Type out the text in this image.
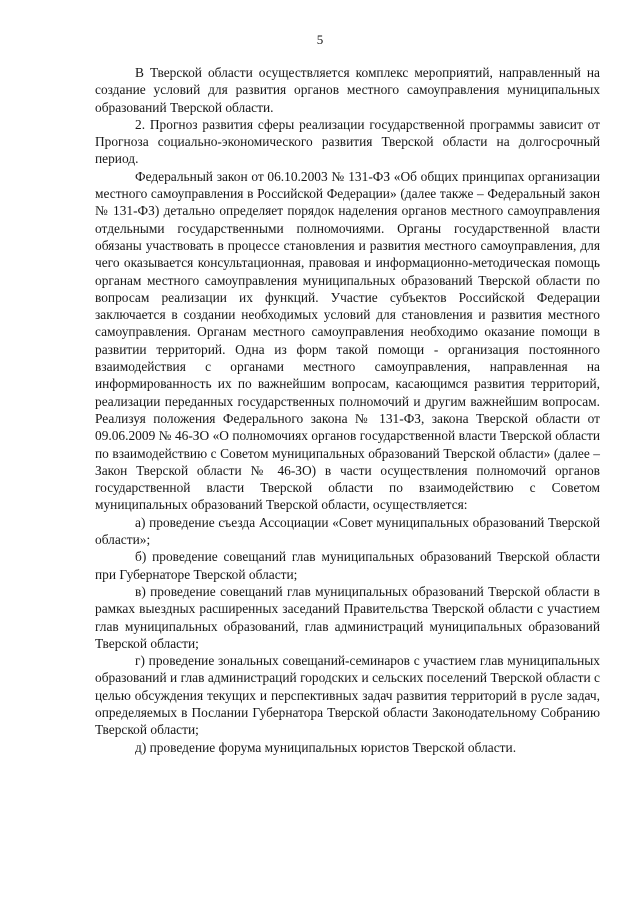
5

В Тверской области осуществляется комплекс мероприятий, направленный на создание условий для развития органов местного самоуправления муниципальных образований Тверской области.

2. Прогноз развития сферы реализации государственной программы зависит от Прогноза социально-экономического развития Тверской области на долгосрочный период.

Федеральный закон от 06.10.2003 № 131-ФЗ «Об общих принципах организации местного самоуправления в Российской Федерации» (далее также – Федеральный закон № 131-ФЗ) детально определяет порядок наделения органов местного самоуправления отдельными государственными полномочиями. Органы государственной власти обязаны участвовать в процессе становления и развития местного самоуправления, для чего оказывается консультационная, правовая и информационно-методическая помощь органам местного самоуправления муниципальных образований Тверской области по вопросам реализации их функций. Участие субъектов Российской Федерации заключается в создании необходимых условий для становления и развития местного самоуправления. Органам местного самоуправления необходимо оказание помощи в развитии территорий. Одна из форм такой помощи - организация постоянного взаимодействия с органами местного самоуправления, направленная на информированность их по важнейшим вопросам, касающимся развития территорий, реализации переданных государственных полномочий и другим важнейшим вопросам. Реализуя положения Федерального закона № 131-ФЗ, закона Тверской области от 09.06.2009 № 46-ЗО «О полномочиях органов государственной власти Тверской области по взаимодействию с Советом муниципальных образований Тверской области» (далее – Закон Тверской области № 46-ЗО) в части осуществления полномочий органов государственной власти Тверской области по взаимодействию с Советом муниципальных образований Тверской области, осуществляется:

а) проведение съезда Ассоциации «Совет муниципальных образований Тверской области»;

б) проведение совещаний глав муниципальных образований Тверской области при Губернаторе Тверской области;

в) проведение совещаний глав муниципальных образований Тверской области в рамках выездных расширенных заседаний Правительства Тверской области с участием глав муниципальных образований, глав администраций муниципальных образований Тверской области;

г) проведение зональных совещаний-семинаров с участием глав муниципальных образований и глав администраций городских и сельских поселений Тверской области с целью обсуждения текущих и перспективных задач развития территорий в русле задач, определяемых в Послании Губернатора Тверской области Законодательному Собранию Тверской области;

д) проведение форума муниципальных юристов Тверской области.
